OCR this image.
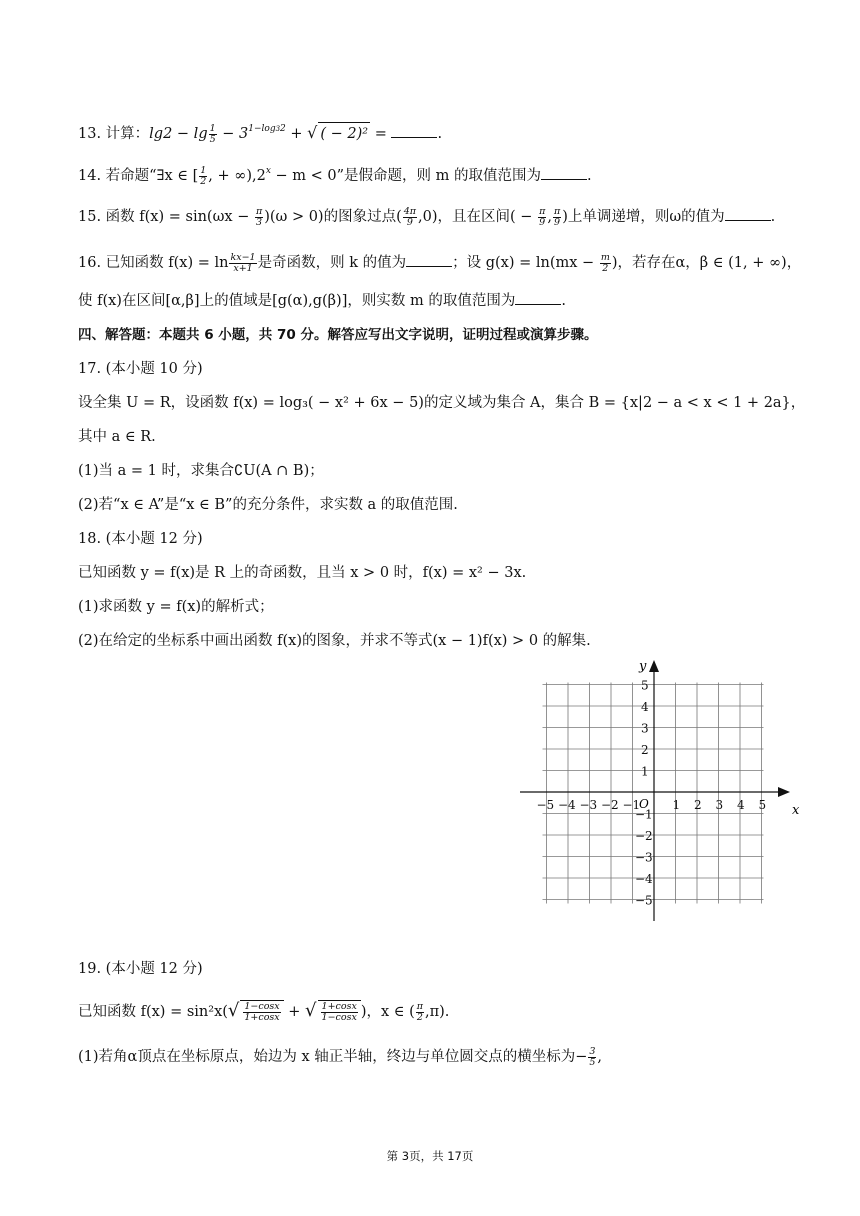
13. 计算：$\lg 2 - \lg \frac{1}{5} - 3^{1-log32}$ + √ ( − 2)² =	.
14. 若命题“∃x ∈ [ $\frac{1}{2}$ , + $\infty),2^x - m < 0$”是假命题，则 m 的取值范围为	.
15. 函数 $f(x) = \sin(\omega x - \frac{\pi}{3} )(\omega > 0)$的图象过点( $\frac{4\pi}{9} ,0$)，且在区间( − $\frac{\pi}{9}$ , $\frac{\pi}{9}$ )上单调递增，则ω的值为	.
16. 已知函数 $f(x) = \ln \frac{kx-1}{x+1}$ 是奇函数，则 k 的值为	；设 $g(x) = \ln(mx - \frac{m}{2}$ )，若存在α，β ∈ (1, + ∞)，
使 f(x)在区间[α,β]上的值域是[g(α),g(β)]，则实数 m 的取值范围为	.
四、解答题：本题共 6 小题，共 70 分。解答应写出文字说明，证明过程或演算步骤。
17. (本小题 10 分)
设全集 U = R，设函数 f(x) = log₃( − x² + 6x − 5)的定义域为集合 A，集合 B = {x|2 − a < x < 1 + 2a}，
其中 a ∈ R.
(1)当 a = 1 时，求集合∁U(A ∩ B)；
(2)若“x ∈ A”是“x ∈ B”的充分条件，求实数 a 的取值范围.
18. (本小题 12 分)
已知函数 y = f(x)是 R 上的奇函数，且当 x > 0 时，f(x) = x² − 3x.
(1)求函数 y = f(x)的解析式；
(2)在给定的坐标系中画出函数 f(x)的图象，并求不等式(x − 1)f(x) > 0 的解集.
y
x
O
−5 −4 −3 −2 −1	1 2 3 4 5
5
4
3
2
1
−1
−2
−3
−4
−5
19. (本小题 12 分)
已知函数 $f(x) = \sin^2x(√ \frac{1-\cos x}{1+\cos x}$ + √ $\frac{1+\cos x}{1-\cos x}$ )，x ∈ ( $\frac{\pi}{2} ,\pi$).
(1)若角α顶点在坐标原点，始边为 x 轴正半轴，终边与单位圆交点的横坐标为− $\frac{3}{5}$ ,
第 3页，共 17页
